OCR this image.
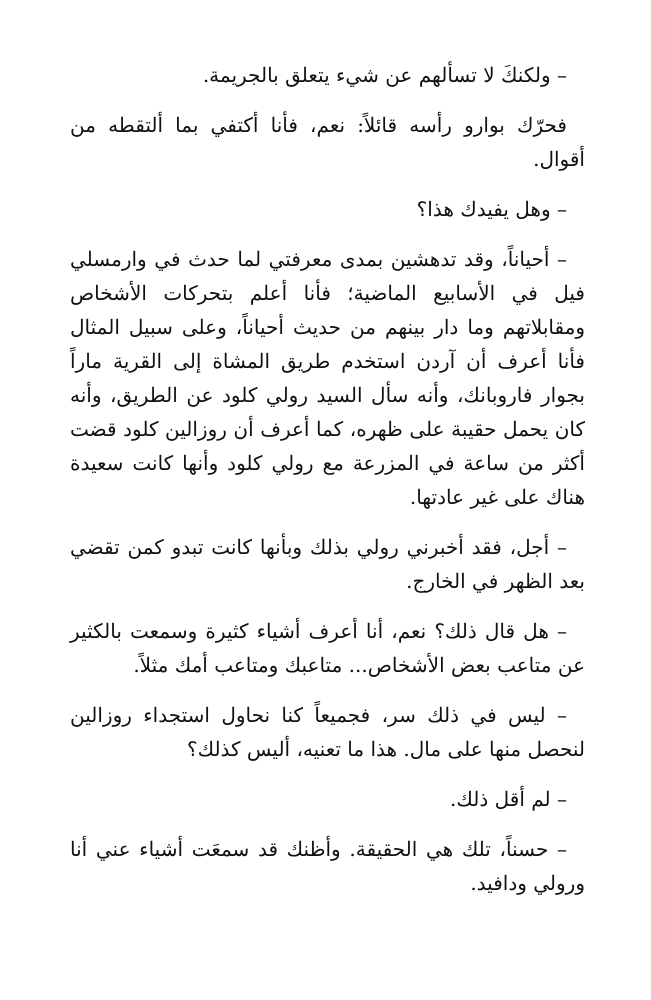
– ولكنكَ لا تسألهم عن شيء يتعلق بالجريمة.

فحرّك بوارو رأسه قائلاً: نعم، فأنا أكتفي بما ألتقطه من أقوال.

– وهل يفيدك هذا؟

– أحياناً، وقد تدهشين بمدى معرفتي لما حدث في وارمسلي فيل في الأسابيع الماضية؛ فأنا أعلم بتحركات الأشخاص ومقابلاتهم وما دار بينهم من حديث أحياناً، وعلى سبيل المثال فأنا أعرف أن آردن استخدم طريق المشاة إلى القرية ماراً بجوار فاروبانك، وأنه سأل السيد رولي كلود عن الطريق، وأنه كان يحمل حقيبة على ظهره، كما أعرف أن روزالين كلود قضت أكثر من ساعة في المزرعة مع رولي كلود وأنها كانت سعيدة هناك على غير عادتها.

– أجل، فقد أخبرني رولي بذلك وبأنها كانت تبدو كمن تقضي بعد الظهر في الخارج.

– هل قال ذلك؟ نعم، أنا أعرف أشياء كثيرة وسمعت بالكثير عن متاعب بعض الأشخاص... متاعبك ومتاعب أمك مثلاً.

– ليس في ذلك سر، فجميعاً كنا نحاول استجداء روزالين لنحصل منها على مال. هذا ما تعنيه، أليس كذلك؟

– لم أقل ذلك.

– حسناً، تلك هي الحقيقة. وأظنك قد سمعَت أشياء عني أنا ورولي ودافيد.
